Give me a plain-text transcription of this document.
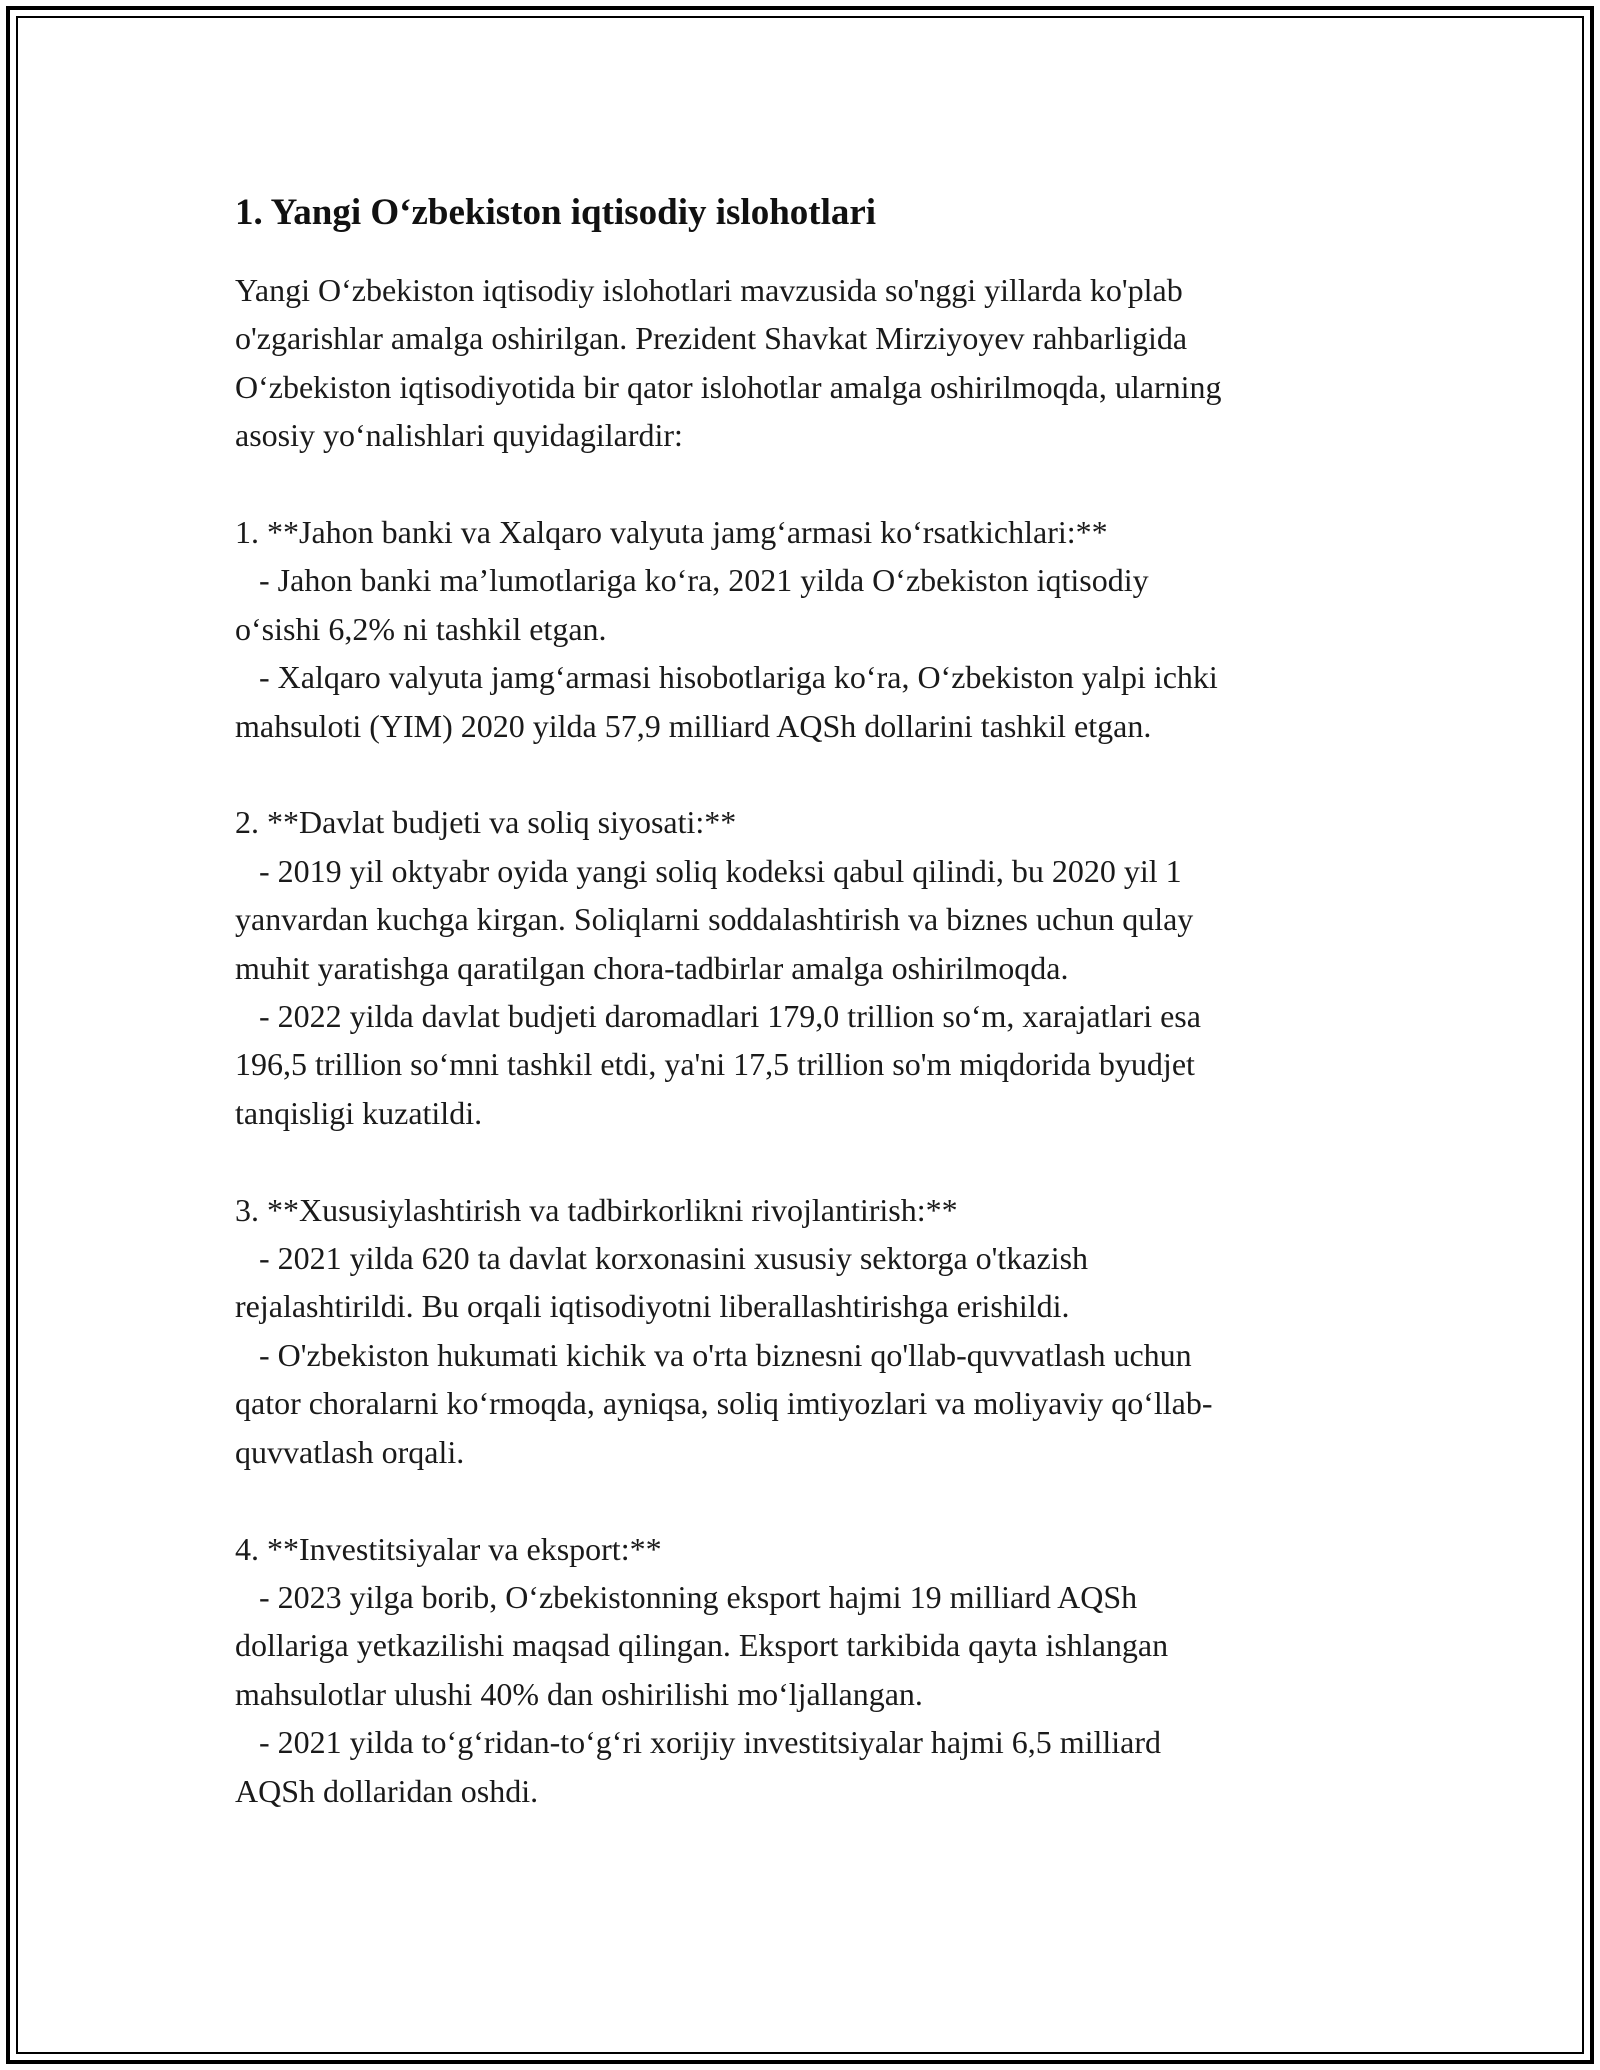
1. Yangi O‘zbekiston iqtisodiy islohotlari
Yangi O‘zbekiston iqtisodiy islohotlari mavzusida so'nggi yillarda ko'plab
o'zgarishlar amalga oshirilgan. Prezident Shavkat Mirziyoyev rahbarligida
O‘zbekiston iqtisodiyotida bir qator islohotlar amalga oshirilmoqda, ularning
asosiy yo‘nalishlari quyidagilardir:
1. **Jahon banki va Xalqaro valyuta jamg‘armasi ko‘rsatkichlari:**
- Jahon banki ma’lumotlariga ko‘ra, 2021 yilda O‘zbekiston iqtisodiy
o‘sishi 6,2% ni tashkil etgan.
- Xalqaro valyuta jamg‘armasi hisobotlariga ko‘ra, O‘zbekiston yalpi ichki
mahsuloti (YIM) 2020 yilda 57,9 milliard AQSh dollarini tashkil etgan.
2. **Davlat budjeti va soliq siyosati:**
- 2019 yil oktyabr oyida yangi soliq kodeksi qabul qilindi, bu 2020 yil 1
yanvardan kuchga kirgan. Soliqlarni soddalashtirish va biznes uchun qulay
muhit yaratishga qaratilgan chora-tadbirlar amalga oshirilmoqda.
- 2022 yilda davlat budjeti daromadlari 179,0 trillion so‘m, xarajatlari esa
196,5 trillion so‘mni tashkil etdi, ya'ni 17,5 trillion so'm miqdorida byudjet
tanqisligi kuzatildi.
3. **Xususiylashtirish va tadbirkorlikni rivojlantirish:**
- 2021 yilda 620 ta davlat korxonasini xususiy sektorga o'tkazish
rejalashtirildi. Bu orqali iqtisodiyotni liberallashtirishga erishildi.
- O'zbekiston hukumati kichik va o'rta biznesni qo'llab-quvvatlash uchun
qator choralarni ko‘rmoqda, ayniqsa, soliq imtiyozlari va moliyaviy qo‘llab-
quvvatlash orqali.
4. **Investitsiyalar va eksport:**
- 2023 yilga borib, O‘zbekistonning eksport hajmi 19 milliard AQSh
dollariga yetkazilishi maqsad qilingan. Eksport tarkibida qayta ishlangan
mahsulotlar ulushi 40% dan oshirilishi mo‘ljallangan.
- 2021 yilda to‘g‘ridan-to‘g‘ri xorijiy investitsiyalar hajmi 6,5 milliard
AQSh dollaridan oshdi.
